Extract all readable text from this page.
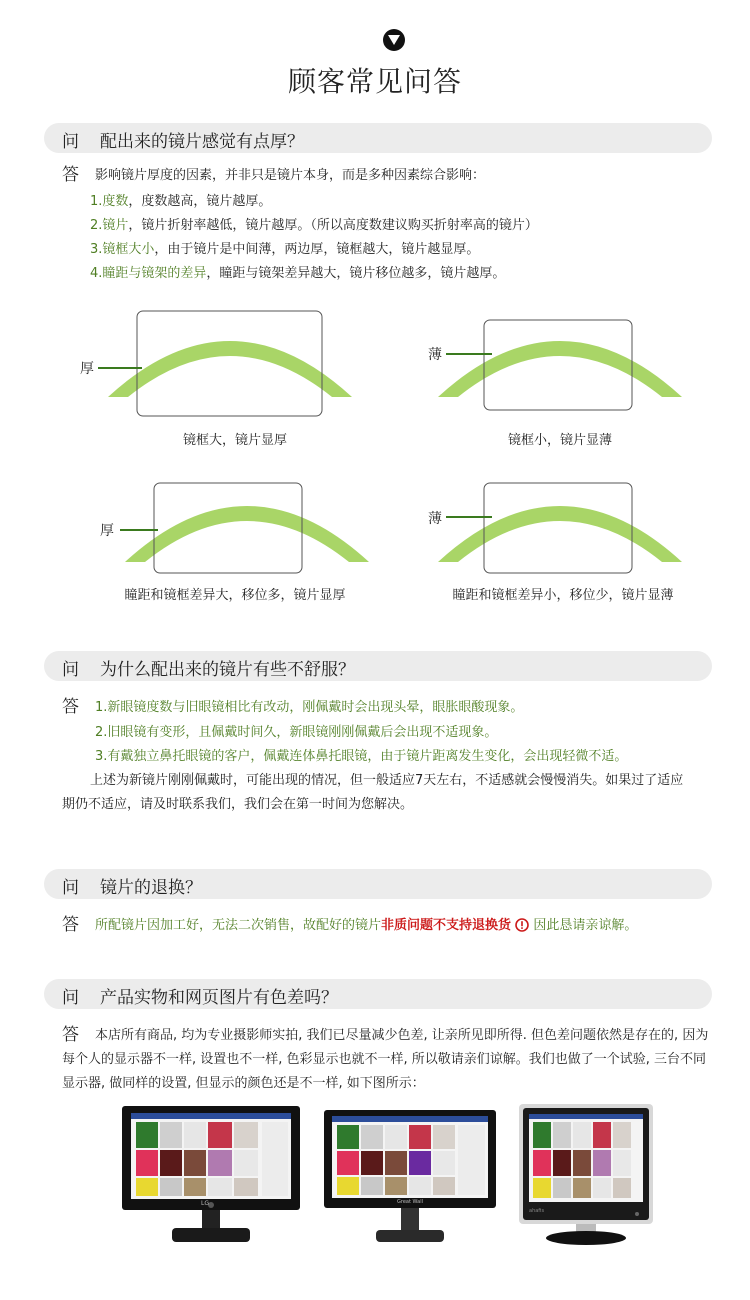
顾客常见问答
问 配出来的镜片感觉有点厚？
答 影响镜片厚度的因素，并非只是镜片本身，而是多种因素综合影响：
1.度数，度数越高，镜片越厚。
2.镜片，镜片折射率越低，镜片越厚。（所以高度数建议购买折射率高的镜片）
3.镜框大小，由于镜片是中间薄，两边厚，镜框越大，镜片越显厚。
4.瞳距与镜架的差异，瞳距与镜架差异越大，镜片移位越多，镜片越厚。
厚
薄
厚
薄
镜框大，镜片显厚	镜框小，镜片显薄
瞳距和镜框差异大，移位多，镜片显厚	瞳距和镜框差异小，移位少，镜片显薄
问 为什么配出来的镜片有些不舒服？
答 1.新眼镜度数与旧眼镜相比有改动，刚佩戴时会出现头晕，眼胀眼酸现象。
2.旧眼镜有变形，且佩戴时间久，新眼镜刚刚佩戴后会出现不适现象。
3.有戴独立鼻托眼镜的客户，佩戴连体鼻托眼镜，由于镜片距离发生变化，会出现轻微不适。
上述为新镜片刚刚佩戴时，可能出现的情况，但一般适应7天左右，不适感就会慢慢消失。如果过了适应
期仍不适应，请及时联系我们，我们会在第一时间为您解决。
问 镜片的退换？
答 所配镜片因加工好，无法二次销售，故配好的镜片非质问题不支持退换货 因此恳请亲谅解。
问 产品实物和网页图片有色差吗？
答 本店所有商品, 均为专业摄影师实拍, 我们已尽量减少色差, 让亲所见即所得. 但色差问题依然是存在的, 因为
每个人的显示器不一样, 设置也不一样, 色彩显示也就不一样, 所以敬请亲们谅解。我们也做了一个试验, 三台不同
显示器, 做同样的设置, 但显示的颜色还是不一样, 如下图所示：
LG	Great Wall
ahafis
